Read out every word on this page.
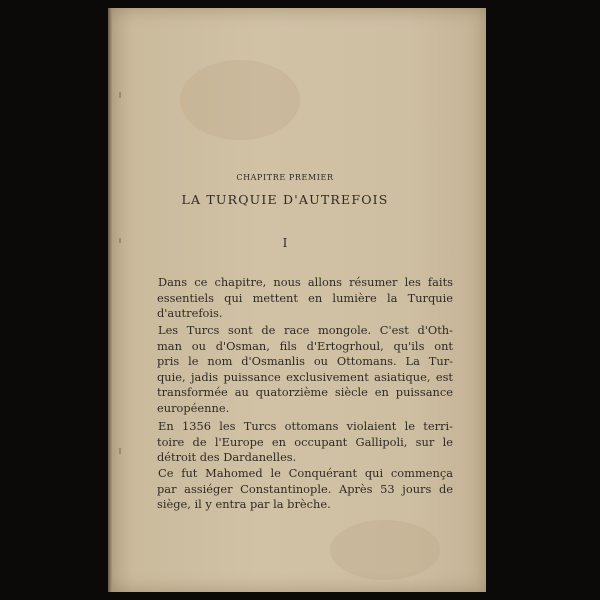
CHAPITRE PREMIER
LA TURQUIE D'AUTREFOIS
I
Dans ce chapitre, nous allons résumer les faits
essentiels qui mettent en lumière la Turquie
d'autrefois.
Les Turcs sont de race mongole. C'est d'Oth-
man ou d'Osman, fils d'Ertogrhoul, qu'ils ont
pris le nom d'Osmanlis ou Ottomans. La Tur-
quie, jadis puissance exclusivement asiatique, est
transformée au quatorzième siècle en puissance
européenne.
En 1356 les Turcs ottomans violaient le terri-
toire de l'Europe en occupant Gallipoli, sur le
détroit des Dardanelles.
Ce fut Mahomed le Conquérant qui commença
par assiéger Constantinople. Après 53 jours de
siège, il y entra par la brèche.
